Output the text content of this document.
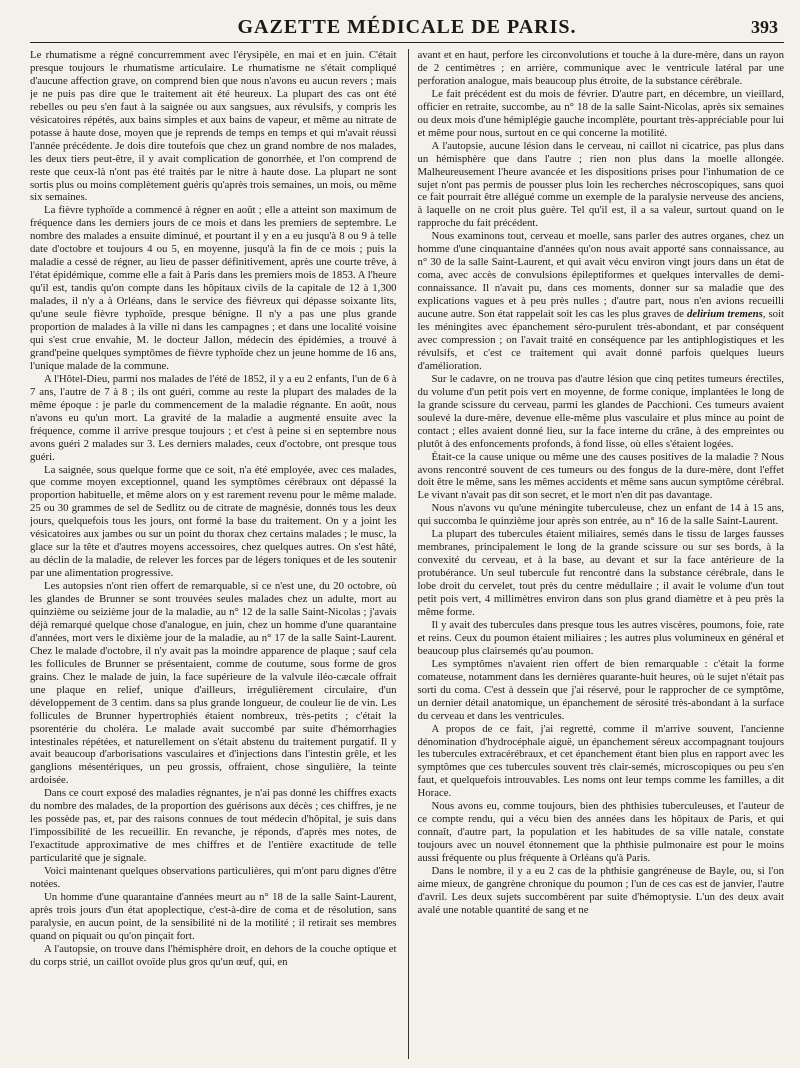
GAZETTE MÉDICALE DE PARIS.	393

Le rhumatisme a régné concurremment avec l'érysipèle, en mai et en juin. C'était presque toujours le rhumatisme articulaire. Le rhumatisme ne s'était compliqué d'aucune affection grave, on comprend bien que nous n'avons eu aucun revers ; mais je ne puis pas dire que le traitement ait été heureux. La plupart des cas ont été rebelles ou peu s'en faut à la saignée ou aux sangsues, aux révulsifs, y compris les vésicatoires répétés, aux bains simples et aux bains de vapeur, et même au nitrate de potasse à haute dose, moyen que je reprends de temps en temps et qui m'avait réussi l'année précédente. Je dois dire toutefois que chez un grand nombre de nos malades, les deux tiers peut-être, il y avait complication de gonorrhée, et l'on comprend de reste que ceux-là n'ont pas été traités par le nitre à haute dose. La plupart ne sont sortis plus ou moins complètement guéris qu'après trois semaines, un mois, ou même six semaines.

La fièvre typhoïde a commencé à régner en août ; elle a atteint son maximum de fréquence dans les derniers jours de ce mois et dans les premiers de septembre. Le nombre des malades a ensuite diminué, et pourtant il y en a eu jusqu'à 8 ou 9 à telle date d'octobre et toujours 4 ou 5, en moyenne, jusqu'à la fin de ce mois ; puis la maladie a cessé de régner, au lieu de passer définitivement, après une courte trêve, à l'état épidémique, comme elle a fait à Paris dans les premiers mois de 1853. A l'heure qu'il est, tandis qu'on compte dans les hôpitaux civils de la capitale de 12 à 1,300 malades, il n'y a à Orléans, dans le service des fiévreux qui dépasse soixante lits, qu'une seule fièvre typhoïde, presque bénigne. Il n'y a pas une plus grande proportion de malades à la ville ni dans les campagnes ; et dans une localité voisine qui s'est crue envahie, M. le docteur Jallon, médecin des épidémies, a trouvé à grand'peine quelques symptômes de fièvre typhoïde chez un jeune homme de 16 ans, l'unique malade de la commune.

A l'Hôtel-Dieu, parmi nos malades de l'été de 1852, il y a eu 2 enfants, l'un de 6 à 7 ans, l'autre de 7 à 8 ; ils ont guéri, comme au reste la plupart des malades de la même époque : je parle du commencement de la maladie régnante. En août, nous n'avons eu qu'un mort. La gravité de la maladie a augmenté ensuite avec la fréquence, comme il arrive presque toujours ; et c'est à peine si en septembre nous avons guéri 2 malades sur 3. Les derniers malades, ceux d'octobre, ont presque tous guéri.

La saignée, sous quelque forme que ce soit, n'a été employée, avec ces malades, que comme moyen exceptionnel, quand les symptômes cérébraux ont dépassé la proportion habituelle, et même alors on y est rarement revenu pour le même malade. 25 ou 30 grammes de sel de Sedlitz ou de citrate de magnésie, donnés tous les deux jours, quelquefois tous les jours, ont formé la base du traitement. On y a joint les vésicatoires aux jambes ou sur un point du thorax chez certains malades ; le musc, la glace sur la tête et d'autres moyens accessoires, chez quelques autres. On s'est hâté, au déclin de la maladie, de relever les forces par de légers toniques et de les soutenir par une alimentation progressive.

Les autopsies n'ont rien offert de remarquable, si ce n'est une, du 20 octobre, où les glandes de Brunner se sont trouvées seules malades chez un adulte, mort au quinzième ou seizième jour de la maladie, au n° 12 de la salle Saint-Nicolas ; j'avais déjà remarqué quelque chose d'analogue, en juin, chez un homme d'une quarantaine d'années, mort vers le dixième jour de la maladie, au n° 17 de la salle Saint-Laurent. Chez le malade d'octobre, il n'y avait pas la moindre apparence de plaque ; sauf cela les follicules de Brunner se présentaient, comme de coutume, sous forme de gros grains. Chez le malade de juin, la face supérieure de la valvule iléo-cæcale offrait une plaque en relief, unique d'ailleurs, irrégulièrement circulaire, d'un développement de 3 centim. dans sa plus grande longueur, de couleur lie de vin. Les follicules de Brunner hypertrophiés étaient nombreux, très-petits ; c'était la psorentérie du choléra. Le malade avait succombé par suite d'hémorrhagies intestinales répétées, et naturellement on s'était abstenu du traitement purgatif. Il y avait beaucoup d'arborisations vasculaires et d'injections dans l'intestin grêle, et les ganglions mésentériques, un peu grossis, offraient, chose singulière, la teinte ardoisée.

Dans ce court exposé des maladies régnantes, je n'ai pas donné les chiffres exacts du nombre des malades, de la proportion des guérisons aux décès ; ces chiffres, je ne les possède pas, et, par des raisons connues de tout médecin d'hôpital, je suis dans l'impossibilité de les recueillir. En revanche, je réponds, d'après mes notes, de l'exactitude approximative de mes chiffres et de l'entière exactitude de telle particularité que je signale.

Voici maintenant quelques observations particulières, qui m'ont paru dignes d'être notées.

Un homme d'une quarantaine d'années meurt au n° 18 de la salle Saint-Laurent, après trois jours d'un état apoplectique, c'est-à-dire de coma et de résolution, sans paralysie, en aucun point, de la sensibilité ni de la motilité ; il retirait ses membres quand on piquait ou qu'on pinçait fort.

A l'autopsie, on trouve dans l'hémisphère droit, en dehors de la couche optique et du corps strié, un caillot ovoïde plus gros qu'un œuf, qui, en

avant et en haut, perfore les circonvolutions et touche à la dure-mère, dans un rayon de 2 centimètres ; en arrière, communique avec le ventricule latéral par une perforation analogue, mais beaucoup plus étroite, de la substance cérébrale.

Le fait précédent est du mois de février. D'autre part, en décembre, un vieillard, officier en retraite, succombe, au n° 18 de la salle Saint-Nicolas, après six semaines ou deux mois d'une hémiplégie gauche incomplète, pourtant très-appréciable pour lui et même pour nous, surtout en ce qui concerne la motilité.

A l'autopsie, aucune lésion dans le cerveau, ni caillot ni cicatrice, pas plus dans un hémisphère que dans l'autre ; rien non plus dans la moelle allongée. Malheureusement l'heure avancée et les dispositions prises pour l'inhumation de ce sujet n'ont pas permis de pousser plus loin les recherches nécroscopiques, sans quoi ce fait pourrait être allégué comme un exemple de la paralysie nerveuse des anciens, à laquelle on ne croit plus guère. Tel qu'il est, il a sa valeur, surtout quand on le rapproche du fait précédent.

Nous examinons tout, cerveau et moelle, sans parler des autres organes, chez un homme d'une cinquantaine d'années qu'on nous avait apporté sans connaissance, au n° 30 de la salle Saint-Laurent, et qui avait vécu environ vingt jours dans un état de coma, avec accès de convulsions épileptiformes et quelques intervalles de demi-connaissance. Il n'avait pu, dans ces moments, donner sur sa maladie que des explications vagues et à peu près nulles ; d'autre part, nous n'en avions recueilli aucune autre. Son état rappelait soit les cas les plus graves de delirium tremens, soit les méningites avec épanchement séro-purulent très-abondant, et par conséquent avec compression ; on l'avait traité en conséquence par les antiphlogistiques et les révulsifs, et c'est ce traitement qui avait donné parfois quelques lueurs d'amélioration.

Sur le cadavre, on ne trouva pas d'autre lésion que cinq petites tumeurs érectiles, du volume d'un petit pois vert en moyenne, de forme conique, implantées le long de la grande scissure du cerveau, parmi les glandes de Pacchioni. Ces tumeurs avaient soulevé la dure-mère, devenue elle-même plus vasculaire et plus mince au point de contact ; elles avaient donné lieu, sur la face interne du crâne, à des empreintes ou plutôt à des enfoncements profonds, à fond lisse, où elles s'étaient logées.

Était-ce la cause unique ou même une des causes positives de la maladie ? Nous avons rencontré souvent de ces tumeurs ou des fongus de la dure-mère, dont l'effet doit être le même, sans les mêmes accidents et même sans aucun symptôme cérébral. Le vivant n'avait pas dit son secret, et le mort n'en dit pas davantage.

Nous n'avons vu qu'une méningite tuberculeuse, chez un enfant de 14 à 15 ans, qui succomba le quinzième jour après son entrée, au n° 16 de la salle Saint-Laurent.

La plupart des tubercules étaient miliaires, semés dans le tissu de larges fausses membranes, principalement le long de la grande scissure ou sur ses bords, à la convexité du cerveau, et à la base, au devant et sur la face antérieure de la protubérance. Un seul tubercule fut rencontré dans la substance cérébrale, dans le lobe droit du cervelet, tout près du centre médullaire ; il avait le volume d'un tout petit pois vert, 4 millimètres environ dans son plus grand diamètre et à peu près la même forme.

Il y avait des tubercules dans presque tous les autres viscères, poumons, foie, rate et reins. Ceux du poumon étaient miliaires ; les autres plus volumineux en général et beaucoup plus clairsemés qu'au poumon.

Les symptômes n'avaient rien offert de bien remarquable : c'était la forme comateuse, notamment dans les dernières quarante-huit heures, où le sujet n'était pas sorti du coma. C'est à dessein que j'ai réservé, pour le rapprocher de ce symptôme, un dernier détail anatomique, un épanchement de sérosité très-abondant à la surface du cerveau et dans les ventricules.

A propos de ce fait, j'ai regretté, comme il m'arrive souvent, l'ancienne dénomination d'hydrocéphale aiguë, un épanchement séreux accompagnant toujours les tubercules extracérébraux, et cet épanchement étant bien plus en rapport avec les symptômes que ces tubercules souvent très clair-semés, microscopiques ou peu s'en faut, et quelquefois introuvables. Les noms ont leur temps comme les familles, a dit Horace.

Nous avons eu, comme toujours, bien des phthisies tuberculeuses, et l'auteur de ce compte rendu, qui a vécu bien des années dans les hôpitaux de Paris, et qui connaît, d'autre part, la population et les habitudes de sa ville natale, constate toujours avec un nouvel étonnement que la phthisie pulmonaire est pour le moins aussi fréquente ou plus fréquente à Orléans qu'à Paris.

Dans le nombre, il y a eu 2 cas de la phthisie gangréneuse de Bayle, ou, si l'on aime mieux, de gangrène chronique du poumon ; l'un de ces cas est de janvier, l'autre d'avril. Les deux sujets succombèrent par suite d'hémoptysie. L'un des deux avait avalé une notable quantité de sang et ne
